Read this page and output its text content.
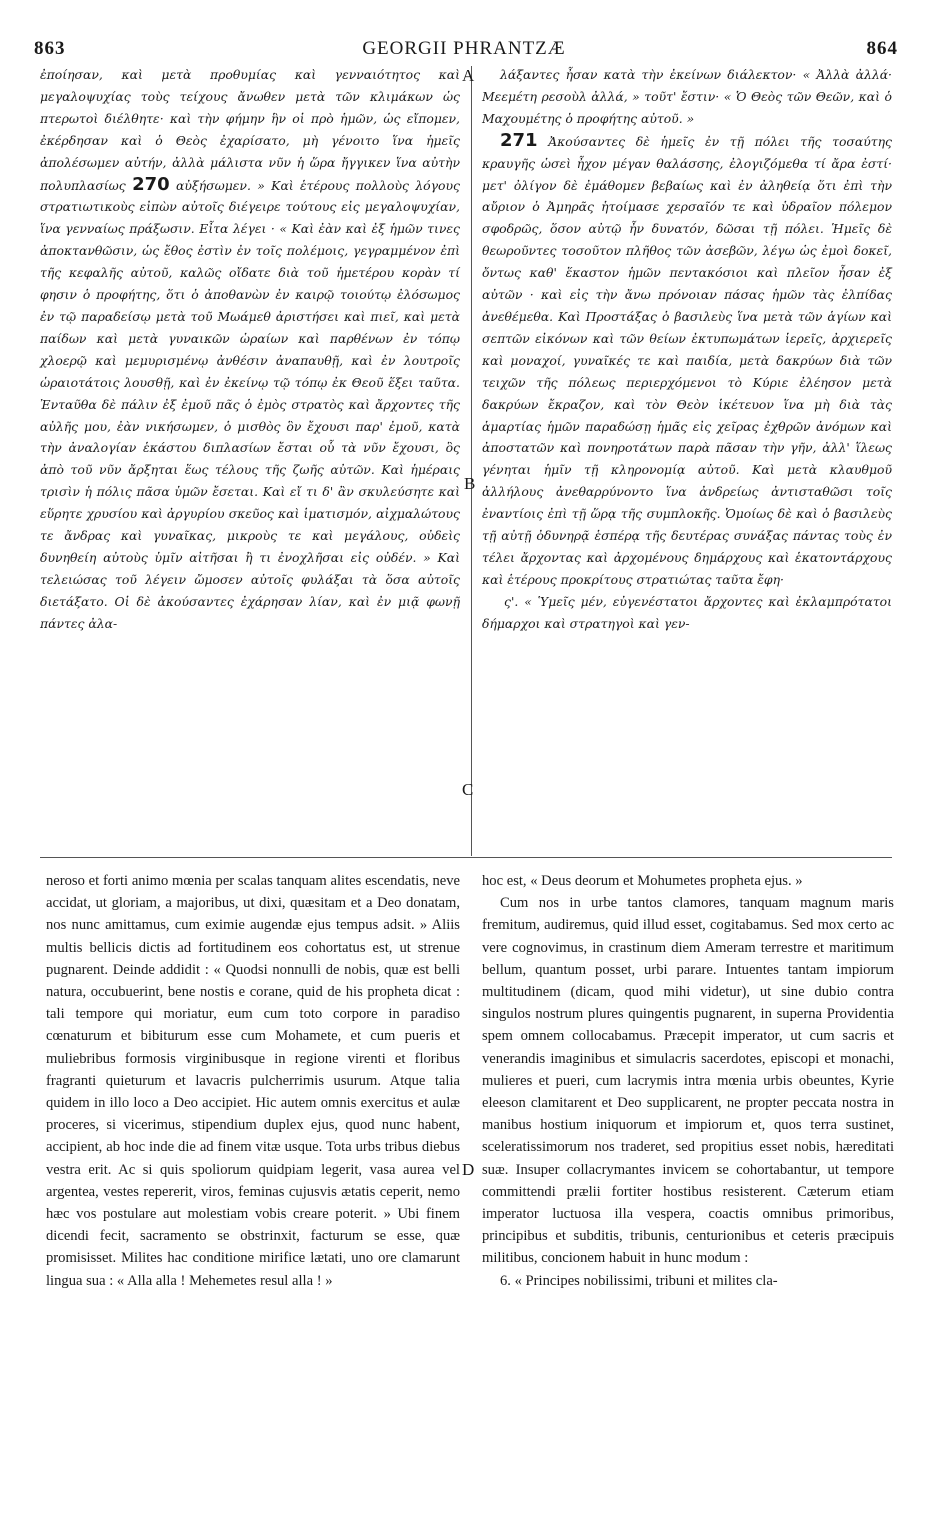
863	GEORGII PHRANTZÆ	864
A
B
C
D

ἐποίησαν, καὶ μετὰ προθυμίας καὶ γενναιότητος καὶ μεγαλοψυχίας τοὺς τείχους ἄνωθεν μετὰ τῶν κλιμάκων ὡς πτερωτοὶ διέλθητε· καὶ τὴν φήμην ἣν οἱ πρὸ ἡμῶν, ὡς εἴπομεν, ἐκέρδησαν καὶ ὁ Θεὸς ἐχαρίσατο, μὴ γένοιτο ἵνα ἡμεῖς ἀπολέσωμεν αὐτήν, ἀλλὰ μάλιστα νῦν ἡ ὥρα ἤγγικεν ἵνα αὐτὴν πολυπλασίως 270 αὐξήσωμεν. » Καὶ ἑτέρους πολλοὺς λόγους στρατιωτικοὺς εἰπὼν αὐτοῖς διέγειρε τούτους εἰς μεγαλοψυχίαν, ἵνα γενναίως πράξωσιν. Εἶτα λέγει · « Καὶ ἐὰν καὶ ἐξ ἡμῶν τινες ἀποκτανθῶσιν, ὡς ἔθος ἐστὶν ἐν τοῖς πολέμοις, γεγραμμένον ἐπὶ τῆς κεφαλῆς αὐτοῦ, καλῶς οἴδατε διὰ τοῦ ἡμετέρου κορὰν τί φησιν ὁ προφήτης, ὅτι ὁ ἀποθανὼν ἐν καιρῷ τοιούτῳ ἐλόσωμος ἐν τῷ παραδείσῳ μετὰ τοῦ Μωάμεθ ἀριστήσει καὶ πιεῖ, καὶ μετὰ παίδων καὶ μετὰ γυναικῶν ὡραίων καὶ παρθένων ἐν τόπῳ χλοερῷ καὶ μεμυρισμένῳ ἀνθέσιν ἀναπαυθῇ, καὶ ἐν λουτροῖς ὡραιοτάτοις λουσθῇ, καὶ ἐν ἐκείνῳ τῷ τόπῳ ἐκ Θεοῦ ἕξει ταῦτα. Ἐνταῦθα δὲ πάλιν ἐξ ἐμοῦ πᾶς ὁ ἐμὸς στρατὸς καὶ ἄρχοντες τῆς αὐλῆς μου, ἐὰν νικήσωμεν, ὁ μισθὸς ὃν ἔχουσι παρ' ἐμοῦ, κατὰ τὴν ἀναλογίαν ἑκάστου διπλασίων ἔσται οὗ τὰ νῦν ἔχουσι, ὃς ἀπὸ τοῦ νῦν ἄρξηται ἕως τέλους τῆς ζωῆς αὐτῶν. Καὶ ἡμέραις τρισὶν ἡ πόλις πᾶσα ὑμῶν ἔσεται. Καὶ εἴ τι δ' ἂν σκυλεύσητε καὶ εὕρητε χρυσίου καὶ ἀργυρίου σκεῦος καὶ ἱματισμόν, αἰχμαλώτους τε ἄνδρας καὶ γυναῖκας, μικροὺς τε καὶ μεγάλους, οὐδεὶς δυνηθείη αὐτοὺς ὑμῖν αἰτῆσαι ἢ τι ἐνοχλῆσαι εἰς οὐδέν. » Καὶ τελειώσας τοῦ λέγειν ὤμοσεν αὐτοῖς φυλάξαι τὰ ὅσα αὐτοῖς διετάξατο. Οἱ δὲ ἀκούσαντες ἐχάρησαν λίαν, καὶ ἐν μιᾷ φωνῇ πάντες ἀλα-

λάξαντες ἦσαν κατὰ τὴν ἐκείνων διάλεκτον· « Ἀλλὰ ἀλλά· Μεεμέτη ρεσοὺλ ἀλλά, » τοῦτ' ἔστιν· « Ὁ Θεὸς τῶν Θεῶν, καὶ ὁ Μαχουμέτης ὁ προφήτης αὐτοῦ. »
271 Ἀκούσαντες δὲ ἡμεῖς ἐν τῇ πόλει τῆς τοσαύτης κραυγῆς ὡσεὶ ἦχον μέγαν θαλάσσης, ἐλογιζόμεθα τί ἄρα ἐστί· μετ' ὀλίγον δὲ ἐμάθομεν βεβαίως καὶ ἐν ἀληθείᾳ ὅτι ἐπὶ τὴν αὔριον ὁ Ἀμηρᾶς ἡτοίμασε χερσαῖόν τε καὶ ὑδραῖον πόλεμον σφοδρῶς, ὅσον αὐτῷ ἦν δυνατόν, δῶσαι τῇ πόλει. Ἡμεῖς δὲ θεωροῦντες τοσοῦτον πλῆθος τῶν ἀσεβῶν, λέγω ὡς ἐμοὶ δοκεῖ, ὄντως καθ' ἕκαστον ἡμῶν πεντακόσιοι καὶ πλεῖον ἦσαν ἐξ αὐτῶν · καὶ εἰς τὴν ἄνω πρόνοιαν πάσας ἡμῶν τὰς ἐλπίδας ἀνεθέμεθα. Καὶ Προστάξας ὁ βασιλεὺς ἵνα μετὰ τῶν ἁγίων καὶ σεπτῶν εἰκόνων καὶ τῶν θείων ἐκτυπωμάτων ἱερεῖς, ἀρχιερεῖς καὶ μοναχοί, γυναῖκές τε καὶ παιδία, μετὰ δακρύων διὰ τῶν τειχῶν τῆς πόλεως περιερχόμενοι τὸ Κύριε ἐλέησον μετὰ δακρύων ἔκραζον, καὶ τὸν Θεὸν ἱκέτευον ἵνα μὴ διὰ τὰς ἁμαρτίας ἡμῶν παραδώσῃ ἡμᾶς εἰς χεῖρας ἐχθρῶν ἀνόμων καὶ ἀποστατῶν καὶ πονηροτάτων παρὰ πᾶσαν τὴν γῆν, ἀλλ' ἵλεως γένηται ἡμῖν τῇ κληρονομίᾳ αὐτοῦ. Καὶ μετὰ κλαυθμοῦ ἀλλήλους ἀνεθαρρύνοντο ἵνα ἀνδρείως ἀντισταθῶσι τοῖς ἐναντίοις ἐπὶ τῇ ὥρᾳ τῆς συμπλοκῆς. Ὁμοίως δὲ καὶ ὁ βασιλεὺς τῇ αὐτῇ ὀδυνηρᾷ ἑσπέρᾳ τῆς δευτέρας συνάξας πάντας τοὺς ἐν τέλει ἄρχοντας καὶ ἀρχομένους δημάρχους καὶ ἑκατοντάρχους καὶ ἑτέρους προκρίτους στρατιώτας ταῦτα ἔφη·
ς'. « Ὑμεῖς μέν, εὐγενέστατοι ἄρχοντες καὶ ἐκλαμπρότατοι δήμαρχοι καὶ στρατηγοὶ καὶ γεν-

neroso et forti animo mœnia per scalas tanquam alites escendatis, neve accidat, ut gloriam, a majoribus, ut dixi, quæsitam et a Deo donatam, nos nunc amittamus, cum eximie augendæ ejus tempus adsit. » Aliis multis bellicis dictis ad fortitudinem eos cohortatus est, ut strenue pugnarent. Deinde addidit : « Quodsi nonnulli de nobis, quæ est belli natura, occubuerint, bene nostis e corane, quid de his propheta dicat : tali tempore qui moriatur, eum cum toto corpore in paradiso cœnaturum et bibiturum esse cum Mohamete, et cum pueris et muliebribus formosis virginibusque in regione virenti et floribus fragranti quieturum et lavacris pulcherrimis usurum. Atque talia quidem in illo loco a Deo accipiet. Hic autem omnis exercitus et aulæ proceres, si vicerimus, stipendium duplex ejus, quod nunc habent, accipient, ab hoc inde die ad finem vitæ usque. Tota urbs tribus diebus vestra erit. Ac si quis spoliorum quidpiam legerit, vasa aurea vel argentea, vestes repererit, viros, feminas cujusvis ætatis ceperit, nemo hæc vos postulare aut molestiam vobis creare poterit. » Ubi finem dicendi fecit, sacramento se obstrinxit, facturum se esse, quæ promisisset. Milites hac conditione mirifice lætati, uno ore clamarunt lingua sua : « Alla alla ! Mehemetes resul alla ! »

hoc est, « Deus deorum et Mohumetes propheta ejus. »
Cum nos in urbe tantos clamores, tanquam magnum maris fremitum, audiremus, quid illud esset, cogitabamus. Sed mox certo ac vere cognovimus, in crastinum diem Ameram terrestre et maritimum bellum, quantum posset, urbi parare. Intuentes tantam impiorum multitudinem (dicam, quod mihi videtur), ut sine dubio contra singulos nostrum plures quingentis pugnarent, in superna Providentia spem omnem collocabamus. Præcepit imperator, ut cum sacris et venerandis imaginibus et simulacris sacerdotes, episcopi et monachi, mulieres et pueri, cum lacrymis intra mœnia urbis obeuntes, Kyrie eleeson clamitarent et Deo supplicarent, ne propter peccata nostra in manibus hostium iniquorum et impiorum et, quos terra sustinet, sceleratissimorum nos traderet, sed propitius esset nobis, hæreditati suæ. Insuper collacrymantes invicem se cohortabantur, ut tempore committendi prælii fortiter hostibus resisterent. Cæterum etiam imperator luctuosa illa vespera, coactis omnibus primoribus, principibus et subditis, tribunis, centurionibus et ceteris præcipuis militibus, concionem habuit in hunc modum :
6. « Principes nobilissimi, tribuni et milites cla-
